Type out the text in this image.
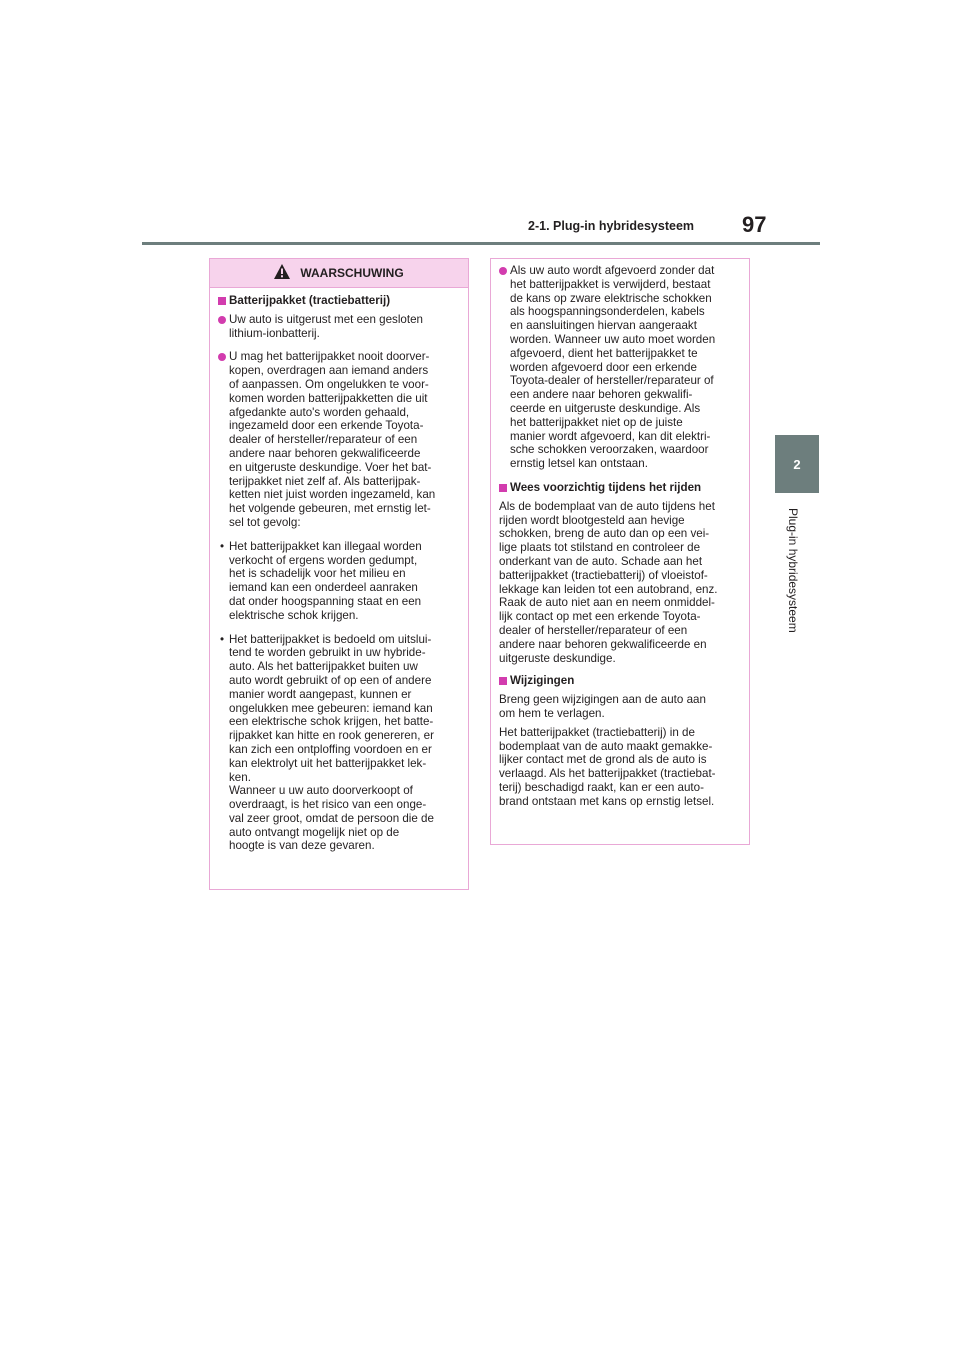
2-1. Plug-in hybridesysteem 97
2
Plug-in hybridesysteem
WAARSCHUWING
Batterijpakket (tractiebatterij)
Uw auto is uitgerust met een gesloten
lithium-ionbatterij.
U mag het batterijpakket nooit doorver-
kopen, overdragen aan iemand anders
of aanpassen. Om ongelukken te voor-
komen worden batterijpakketten die uit
afgedankte auto's worden gehaald,
ingezameld door een erkende Toyota-
dealer of hersteller/reparateur of een
andere naar behoren gekwalificeerde
en uitgeruste deskundige. Voer het bat-
terijpakket niet zelf af. Als batterijpak-
ketten niet juist worden ingezameld, kan
het volgende gebeuren, met ernstig let-
sel tot gevolg:
• Het batterijpakket kan illegaal worden
verkocht of ergens worden gedumpt,
het is schadelijk voor het milieu en
iemand kan een onderdeel aanraken
dat onder hoogspanning staat en een
elektrische schok krijgen.
• Het batterijpakket is bedoeld om uitslui-
tend te worden gebruikt in uw hybride-
auto. Als het batterijpakket buiten uw
auto wordt gebruikt of op een of andere
manier wordt aangepast, kunnen er
ongelukken mee gebeuren: iemand kan
een elektrische schok krijgen, het batte-
rijpakket kan hitte en rook genereren, er
kan zich een ontploffing voordoen en er
kan elektrolyt uit het batterijpakket lek-
ken.
Wanneer u uw auto doorverkoopt of
overdraagt, is het risico van een onge-
val zeer groot, omdat de persoon die de
auto ontvangt mogelijk niet op de
hoogte is van deze gevaren.
Als uw auto wordt afgevoerd zonder dat
het batterijpakket is verwijderd, bestaat
de kans op zware elektrische schokken
als hoogspanningsonderdelen, kabels
en aansluitingen hiervan aangeraakt
worden. Wanneer uw auto moet worden
afgevoerd, dient het batterijpakket te
worden afgevoerd door een erkende
Toyota-dealer of hersteller/reparateur of
een andere naar behoren gekwalifi-
ceerde en uitgeruste deskundige. Als
het batterijpakket niet op de juiste
manier wordt afgevoerd, kan dit elektri-
sche schokken veroorzaken, waardoor
ernstig letsel kan ontstaan.
Wees voorzichtig tijdens het rijden
Als de bodemplaat van de auto tijdens het
rijden wordt blootgesteld aan hevige
schokken, breng de auto dan op een vei-
lige plaats tot stilstand en controleer de
onderkant van de auto. Schade aan het
batterijpakket (tractiebatterij) of vloeistof-
lekkage kan leiden tot een autobrand, enz.
Raak de auto niet aan en neem onmiddel-
lijk contact op met een erkende Toyota-
dealer of hersteller/reparateur of een
andere naar behoren gekwalificeerde en
uitgeruste deskundige.
Wijzigingen
Breng geen wijzigingen aan de auto aan
om hem te verlagen.
Het batterijpakket (tractiebatterij) in de
bodemplaat van de auto maakt gemakke-
lijker contact met de grond als de auto is
verlaagd. Als het batterijpakket (tractiebat-
terij) beschadigd raakt, kan er een auto-
brand ontstaan met kans op ernstig letsel.
